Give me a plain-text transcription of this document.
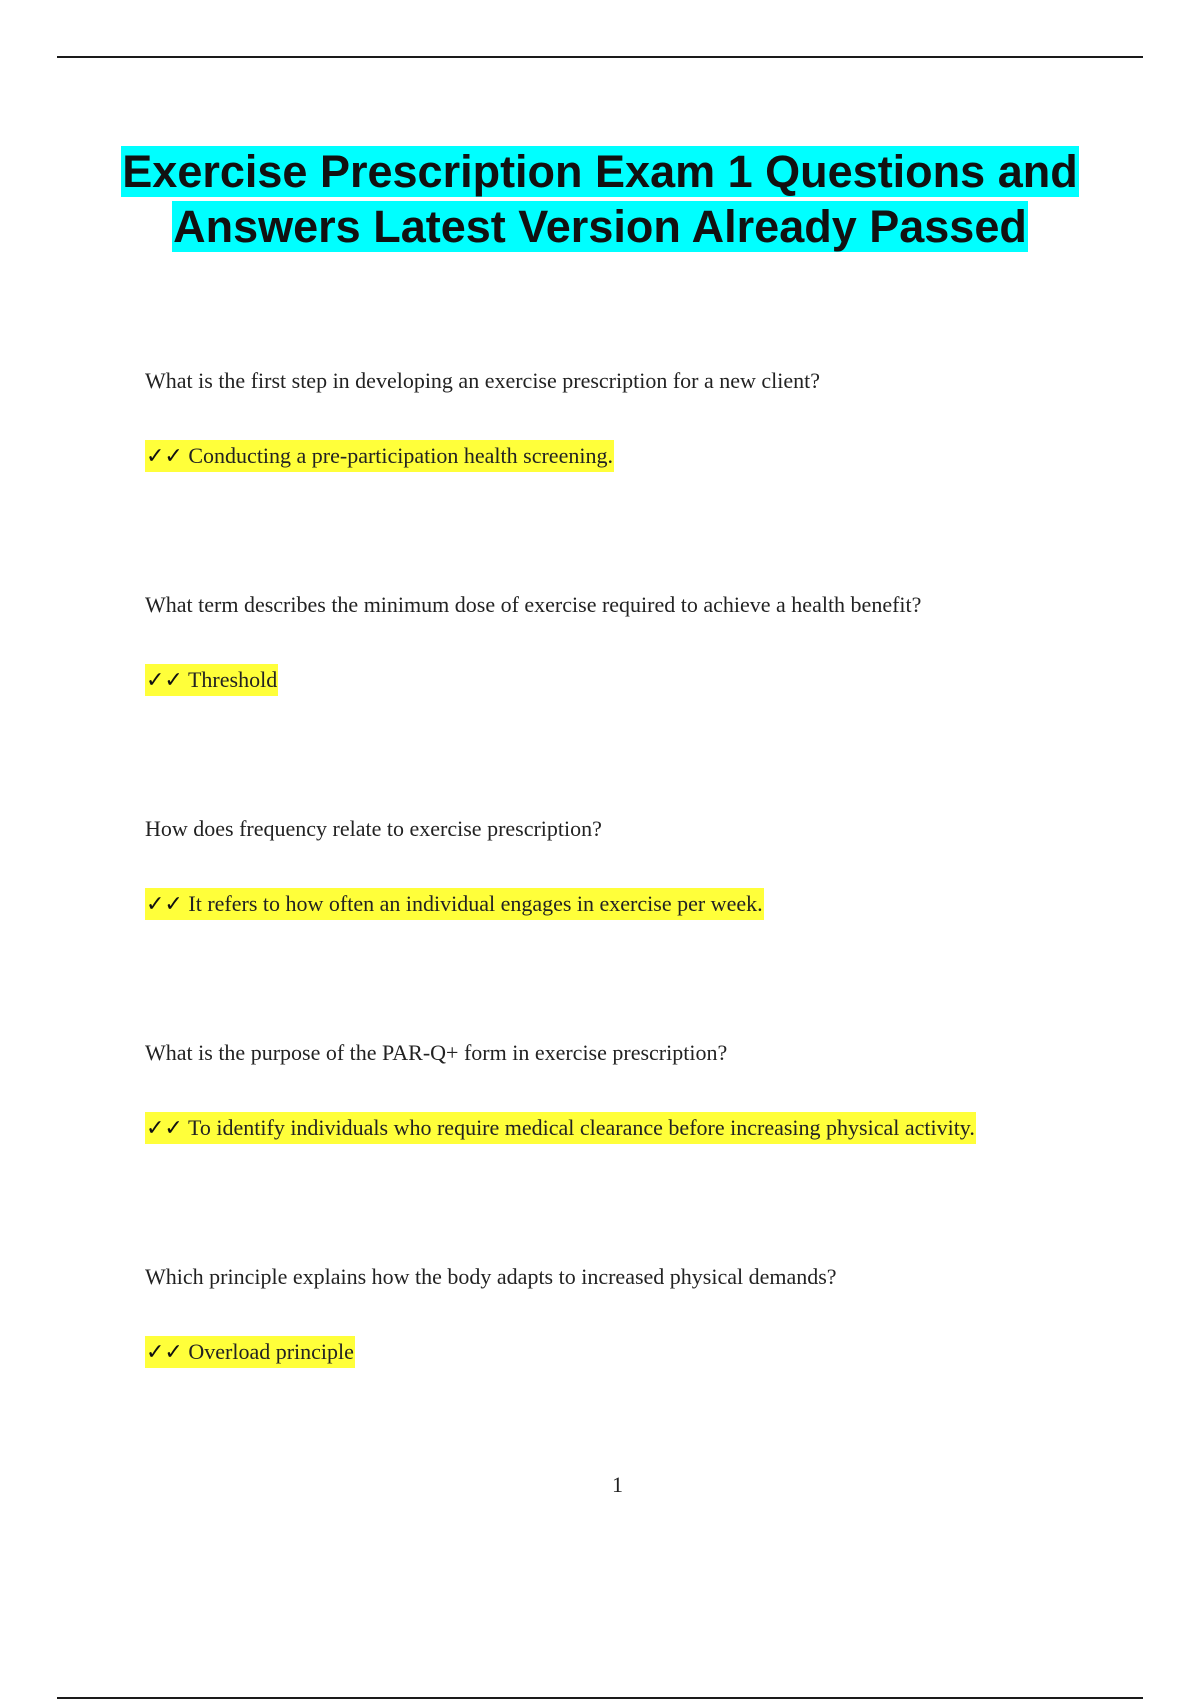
Exercise Prescription Exam 1 Questions and Answers Latest Version Already Passed

What is the first step in developing an exercise prescription for a new client?

✓✓ Conducting a pre-participation health screening.

What term describes the minimum dose of exercise required to achieve a health benefit?

✓✓ Threshold

How does frequency relate to exercise prescription?

✓✓ It refers to how often an individual engages in exercise per week.

What is the purpose of the PAR-Q+ form in exercise prescription?

✓✓ To identify individuals who require medical clearance before increasing physical activity.

Which principle explains how the body adapts to increased physical demands?

✓✓ Overload principle

1
